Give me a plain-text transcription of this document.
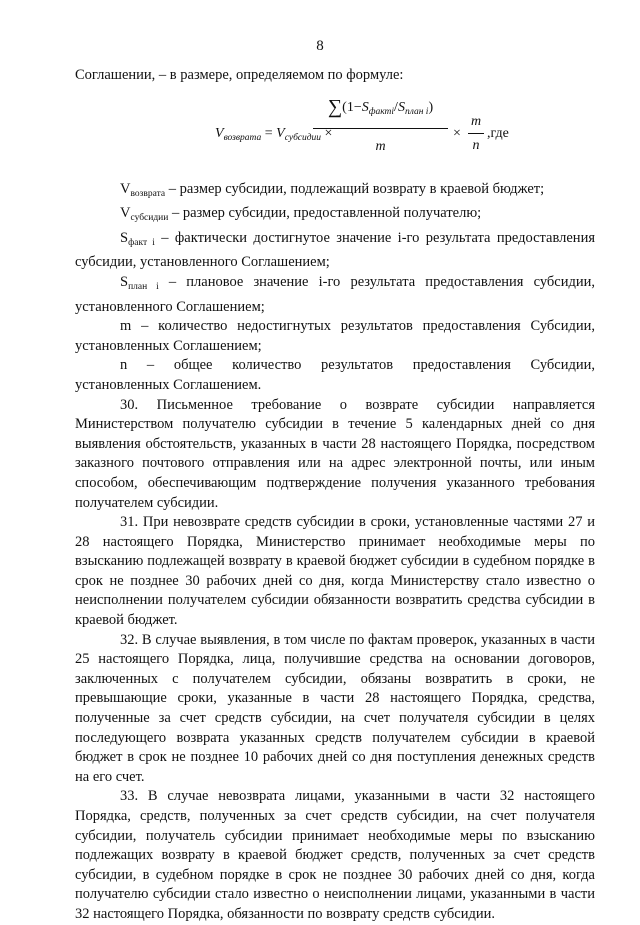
8

Соглашении, – в размере, определяемом по формуле:

$V_{возврата} = V_{субсидии}$ ×
$\sum(1-S_{фактi}/S_{план i})$
m
×
m
n
,где

$V_{возврата}$ – размер субсидии, подлежащий возврату в краевой бюджет;

$V_{субсидии}$ – размер субсидии, предоставленной получателю;

$S_{факт i}$ – фактически достигнутое значение i-го результата предоставления субсидии, установленного Соглашением;

$S_{план i}$ – плановое значение i-го результата предоставления субсидии, установленного Соглашением;

m – количество недостигнутых результатов предоставления Субсидии, установленных Соглашением;

n – общее количество результатов предоставления Субсидии, установленных Соглашением.

30. Письменное требование о возврате субсидии направляется Министерством получателю субсидии в течение 5 календарных дней со дня выявления обстоятельств, указанных в части 28 настоящего Порядка, посредством заказного почтового отправления или на адрес электронной почты, или иным способом, обеспечивающим подтверждение получения указанного требования получателем субсидии.

31. При невозврате средств субсидии в сроки, установленные частями 27 и 28 настоящего Порядка, Министерство принимает необходимые меры по взысканию подлежащей возврату в краевой бюджет субсидии в судебном порядке в срок не позднее 30 рабочих дней со дня, когда Министерству стало известно о неисполнении получателем субсидии обязанности возвратить средства субсидии в краевой бюджет.

32. В случае выявления, в том числе по фактам проверок, указанных в части 25 настоящего Порядка, лица, получившие средства на основании договоров, заключенных с получателем субсидии, обязаны возвратить в сроки, не превышающие сроки, указанные в части 28 настоящего Порядка, средства, полученные за счет средств субсидии, на счет получателя субсидии в целях последующего возврата указанных средств получателем субсидии в краевой бюджет в срок не позднее 10 рабочих дней со дня поступления денежных средств на его счет.

33. В случае невозврата лицами, указанными в части 32 настоящего Порядка, средств, полученных за счет средств субсидии, на счет получателя субсидии, получатель субсидии принимает необходимые меры по взысканию подлежащих возврату в краевой бюджет средств, полученных за счет средств субсидии, в судебном порядке в срок не позднее 30 рабочих дней со дня, когда получателю субсидии стало известно о неисполнении лицами, указанными в части 32 настоящего Порядка, обязанности по возврату средств субсидии.
